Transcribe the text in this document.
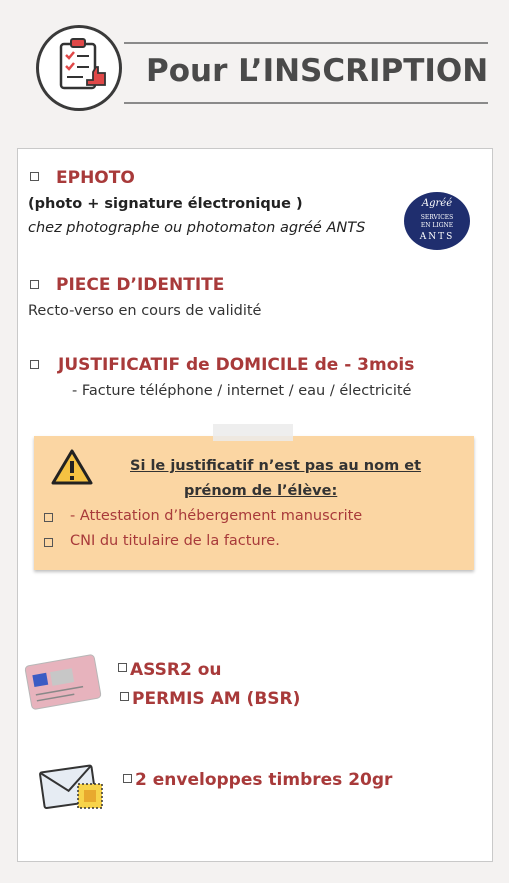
Pour L’INSCRIPTION
EPHOTO
(photo + signature électronique )
chez photographe ou photomaton agréé ANTS
Agréé
SERVICES
EN LIGNE
ANTS
PIECE D’IDENTITE
Recto-verso en cours de validité
JUSTIFICATIF de DOMICILE de - 3mois
- Facture téléphone / internet / eau / électricité
Si le justificatif n’est pas au nom et
prénom de l’élève:
- Attestation d’hébergement manuscrite
CNI du titulaire de la facture.
ASSR2 ou
PERMIS AM (BSR)
2 enveloppes timbres 20gr
